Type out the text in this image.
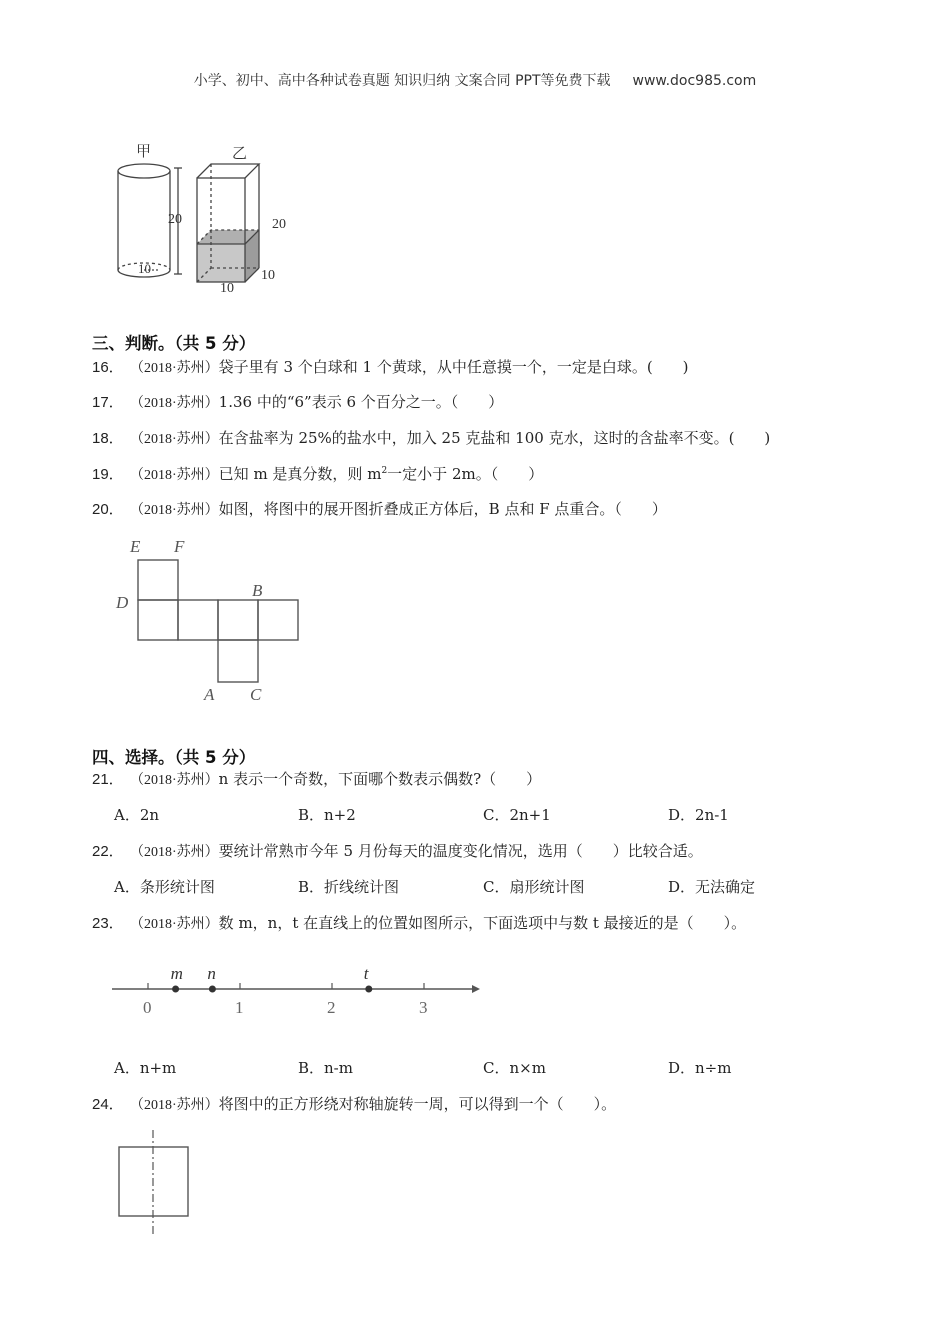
小学、初中、高中各种试卷真题 知识归纳 文案合同 PPT等免费下载 www.doc985.com
甲
20
10
乙
20
10
10
三、判断。（共 5 分）
16． （2018·苏州）袋子里有 3 个白球和 1 个黄球，从中任意摸一个，一定是白球。(　　)
17． （2018·苏州）1.36 中的“6”表示 6 个百分之一。（　　）
18． （2018·苏州）在含盐率为 25%的盐水中，加入 25 克盐和 100 克水，这时的含盐率不变。(　　)
19． （2018·苏州）已知 m 是真分数，则 $m^2$一定小于 2m。（　　）
20． （2018·苏州）如图，将图中的展开图折叠成正方体后，B 点和 F 点重合。（　　）
E F
D
B
A C
四、选择。（共 5 分）
21． （2018·苏州）n 表示一个奇数，下面哪个数表示偶数?（　　）
A．2n	B．n+2	C．2n+1	D．2n-1
22． （2018·苏州）要统计常熟市今年 5 月份每天的温度变化情况，选用（　　）比较合适。
A．条形统计图	B．折线统计图	C．扇形统计图	D．无法确定
23． （2018·苏州）数 m，n，t 在直线上的位置如图所示，下面选项中与数 t 最接近的是（　　）。
0	1	2	3
m n	t
A．n+m	B．n-m	C．n×m	D．n÷m
24． （2018·苏州）将图中的正方形绕对称轴旋转一周，可以得到一个（　　）。
